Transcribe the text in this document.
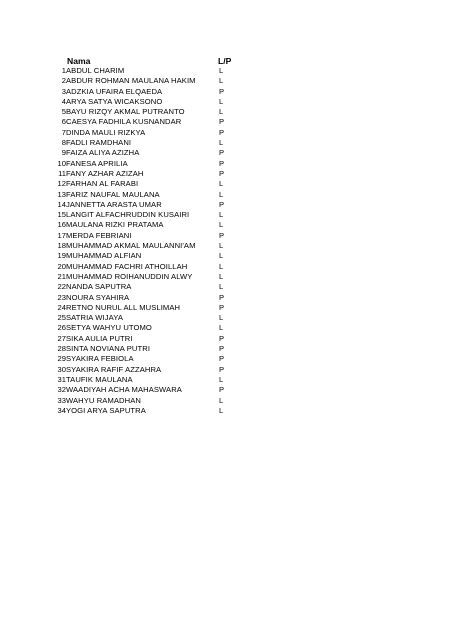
Nama	L/P
1 ABDUL CHARIM	L
2 ABDUR ROHMAN MAULANA HAKIM	L
3 ADZKIA UFAIRA ELQAEDA	P
4 ARYA SATYA WICAKSONO	L
5 BAYU RIZQY AKMAL PUTRANTO	L
6 CAESYA FADHILA KUSNANDAR	P
7 DINDA MAULI RIZKYA	P
8 FADLI RAMDHANI	L
9 FAIZA ALIYA AZIZHA	P
10 FANESA APRILIA	P
11 FANY AZHAR AZIZAH	P
12 FARHAN AL FARABI	L
13 FARIZ NAUFAL MAULANA	L
14 JANNETTA ARASTA UMAR	P
15 LANGIT ALFACHRUDDIN KUSAIRI	L
16 MAULANA RIZKI PRATAMA	L
17 MERDA FEBRIANI	P
18 MUHAMMAD AKMAL MAULANNI'AM	L
19 MUHAMMAD ALFIAN	L
20 MUHAMMAD FACHRI ATHOILLAH	L
21 MUHAMMAD ROIHANUDDIN ALWY	L
22 NANDA SAPUTRA	L
23 NOURA SYAHIRA	P
24 RETNO NURUL ALL MUSLIMAH	P
25 SATRIA WIJAYA	L
26 SETYA WAHYU UTOMO	L
27 SIKA AULIA PUTRI	P
28 SINTA NOVIANA PUTRI	P
29 SYAKIRA FEBIOLA	P
30 SYAKIRA RAFIF AZZAHRA	P
31 TAUFIK MAULANA	L
32 WAADIYAH ACHA MAHASWARA	P
33 WAHYU RAMADHAN	L
34 YOGI ARYA SAPUTRA	L
